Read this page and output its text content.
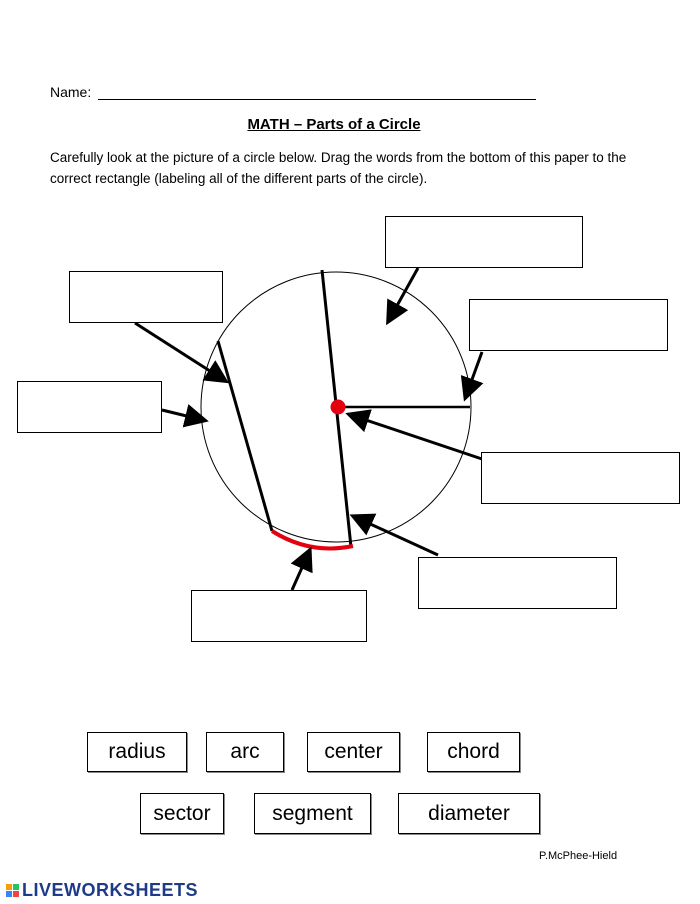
Name:
MATH – Parts of a Circle
Carefully look at the picture of a circle below. Drag the words from the bottom of this paper to the correct rectangle (labeling all of the different parts of the circle).
radius	arc	center	chord
sector	segment	diameter
P.McPhee-Hield
LIVEWORKSHEETS
